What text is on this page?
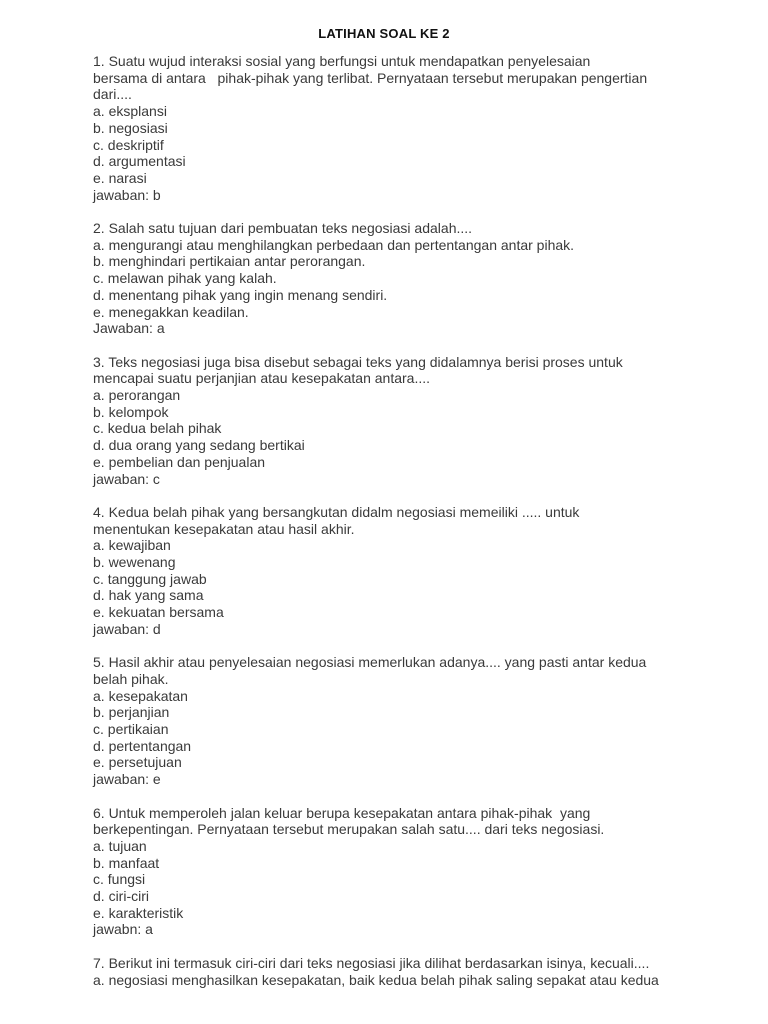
LATIHAN SOAL KE 2
1. Suatu wujud interaksi sosial yang berfungsi untuk mendapatkan penyelesaian
bersama di antara   pihak-pihak yang terlibat. Pernyataan tersebut merupakan pengertian
dari....
a. eksplansi
b. negosiasi
c. deskriptif
d. argumentasi
e. narasi
jawaban: b
2. Salah satu tujuan dari pembuatan teks negosiasi adalah....
a. mengurangi atau menghilangkan perbedaan dan pertentangan antar pihak.
b. menghindari pertikaian antar perorangan.
c. melawan pihak yang kalah.
d. menentang pihak yang ingin menang sendiri.
e. menegakkan keadilan.
Jawaban: a
3. Teks negosiasi juga bisa disebut sebagai teks yang didalamnya berisi proses untuk
mencapai suatu perjanjian atau kesepakatan antara....
a. perorangan
b. kelompok
c. kedua belah pihak
d. dua orang yang sedang bertikai
e. pembelian dan penjualan
jawaban: c
4. Kedua belah pihak yang bersangkutan didalm negosiasi memeiliki ..... untuk
menentukan kesepakatan atau hasil akhir.
a. kewajiban
b. wewenang
c. tanggung jawab
d. hak yang sama
e. kekuatan bersama
jawaban: d
5. Hasil akhir atau penyelesaian negosiasi memerlukan adanya.... yang pasti antar kedua
belah pihak.
a. kesepakatan
b. perjanjian
c. pertikaian
d. pertentangan
e. persetujuan
jawaban: e
6. Untuk memperoleh jalan keluar berupa kesepakatan antara pihak-pihak  yang
berkepentingan. Pernyataan tersebut merupakan salah satu.... dari teks negosiasi.
a. tujuan
b. manfaat
c. fungsi
d. ciri-ciri
e. karakteristik
jawabn: a
7. Berikut ini termasuk ciri-ciri dari teks negosiasi jika dilihat berdasarkan isinya, kecuali....
a. negosiasi menghasilkan kesepakatan, baik kedua belah pihak saling sepakat atau kedua
